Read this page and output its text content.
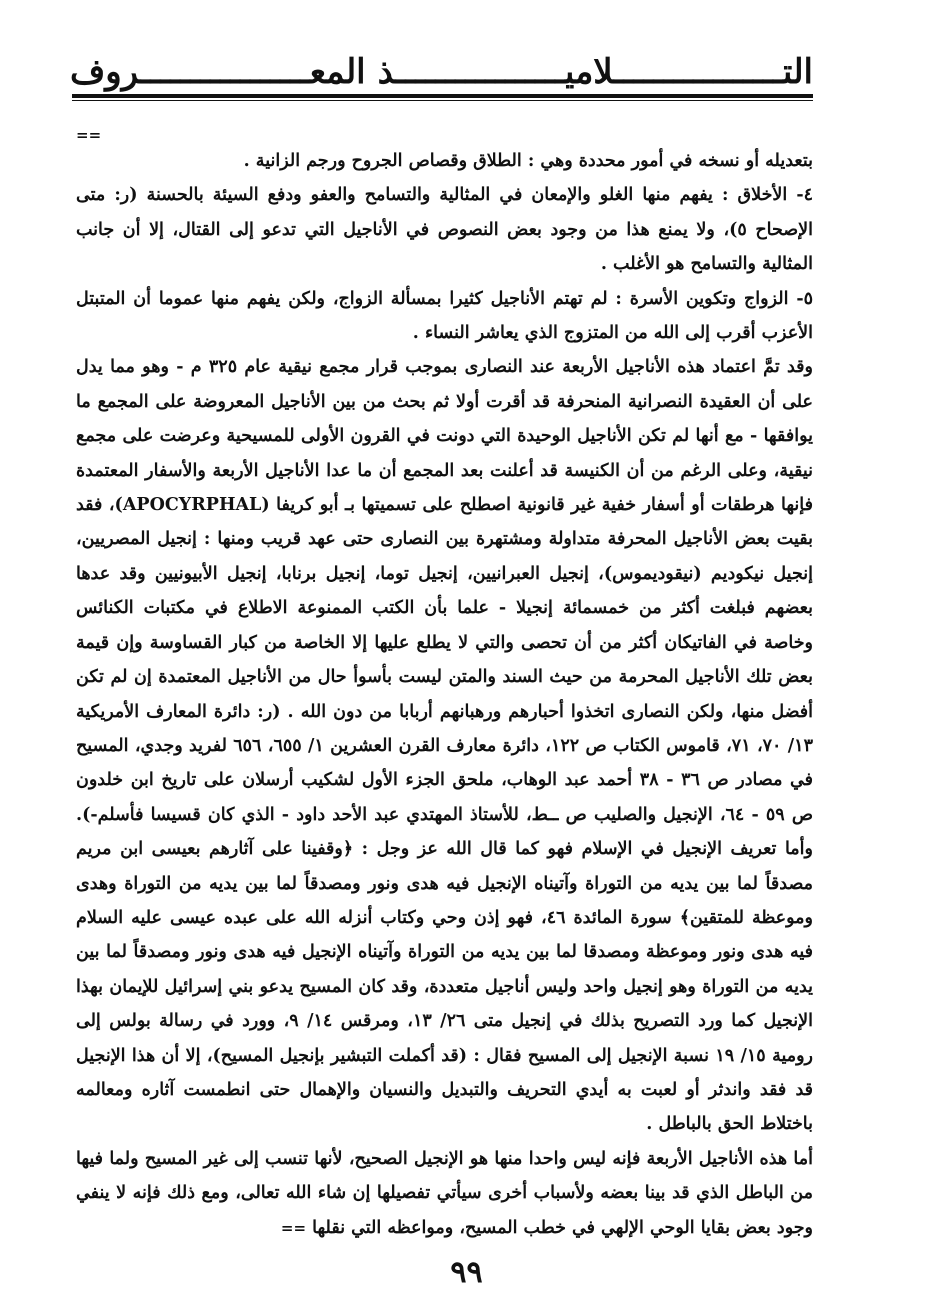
التـــــــــــــــــلاميـــــــــــــــــذ
المعـــــــــــــــــروف
==

بتعديله أو نسخه في أمور محددة وهي : الطلاق وقصاص الجروح ورجم الزانية .

٤- الأخلاق : يفهم منها الغلو والإمعان في المثالية والتسامح والعفو ودفع السيئة بالحسنة (ر: متى الإصحاح ٥)، ولا يمنع هذا من وجود بعض النصوص في الأناجيل التي تدعو إلى القتال، إلا أن جانب المثالية والتسامح هو الأغلب .

٥- الزواج وتكوين الأسرة : لم تهتم الأناجيل كثيرا بمسألة الزواج، ولكن يفهم منها عموما أن المتبتل الأعزب أقرب إلى الله من المتزوج الذي يعاشر النساء .

وقد تمَّ اعتماد هذه الأناجيل الأربعة عند النصارى بموجب قرار مجمع نيقية عام ٣٢٥ م - وهو مما يدل على أن العقيدة النصرانية المنحرفة قد أقرت أولا ثم بحث من بين الأناجيل المعروضة على المجمع ما يوافقها - مع أنها لم تكن الأناجيل الوحيدة التي دونت في القرون الأولى للمسيحية وعرضت على مجمع نيقية، وعلى الرغم من أن الكنيسة قد أعلنت بعد المجمع أن ما عدا الأناجيل الأربعة والأسفار المعتمدة فإنها هرطقات أو أسفار خفية غير قانونية اصطلح على تسميتها بـ أبو كريفا (APOCYRPHAL)، فقد بقيت بعض الأناجيل المحرفة متداولة ومشتهرة بين النصارى حتى عهد قريب ومنها : إنجيل المصريين، إنجيل نيكوديم (نيقوديموس)، إنجيل العبرانيين، إنجيل توما، إنجيل برنابا، إنجيل الأبيونيين وقد عدها بعضهم فبلغت أكثر من خمسمائة إنجيلا - علما بأن الكتب الممنوعة الاطلاع في مكتبات الكنائس وخاصة في الفاتيكان أكثر من أن تحصى والتي لا يطلع عليها إلا الخاصة من كبار القساوسة وإن قيمة بعض تلك الأناجيل المحرمة من حيث السند والمتن ليست بأسوأ حال من الأناجيل المعتمدة إن لم تكن أفضل منها، ولكن النصارى اتخذوا أحبارهم ورهبانهم أربابا من دون الله . (ر: دائرة المعارف الأمريكية ١٣/ ٧٠، ٧١، قاموس الكتاب ص ١٢٢، دائرة معارف القرن العشرين ١/ ٦٥٥، ٦٥٦ لفريد وجدي، المسيح في مصادر ص ٣٦ - ٣٨ أحمد عبد الوهاب، ملحق الجزء الأول لشكيب أرسلان على تاريخ ابن خلدون ص ٥٩ - ٦٤، الإنجيل والصليب ص ــط، للأستاذ المهتدي عبد الأحد داود - الذي كان قسيسا فأسلم-). وأما تعريف الإنجيل في الإسلام فهو كما قال الله عز وجل : ﴿وقفينا على آثارهم بعيسى ابن مريم مصدقاً لما بين يديه من التوراة وآتيناه الإنجيل فيه هدى ونور ومصدقاً لما بين يديه من التوراة وهدى وموعظة للمتقين﴾ سورة المائدة ٤٦، فهو إذن وحي وكتاب أنزله الله على عبده عيسى عليه السلام فيه هدى ونور وموعظة ومصدقا لما بين يديه من التوراة وآتيناه الإنجيل فيه هدى ونور ومصدقاً لما بين يديه من التوراة وهو إنجيل واحد وليس أناجيل متعددة، وقد كان المسيح يدعو بني إسرائيل للإيمان بهذا الإنجيل كما ورد التصريح بذلك في إنجيل متى ٢٦/ ١٣، ومرقس ١٤/ ٩، وورد في رسالة بولس إلى رومية ١٥/ ١٩ نسبة الإنجيل إلى المسيح فقال : (قد أكملت التبشير بإنجيل المسيح)، إلا أن هذا الإنجيل قد فقد واندثر أو لعبت به أيدي التحريف والتبديل والنسيان والإهمال حتى انطمست آثاره ومعالمه باختلاط الحق بالباطل .

أما هذه الأناجيل الأربعة فإنه ليس واحدا منها هو الإنجيل الصحيح، لأنها تنسب إلى غير المسيح ولما فيها من الباطل الذي قد بينا بعضه ولأسباب أخرى سيأتي تفصيلها إن شاء الله تعالى، ومع ذلك فإنه لا ينفي وجود بعض بقايا الوحي الإلهي في خطب المسيح، ومواعظه التي نقلها ==

٩٩
